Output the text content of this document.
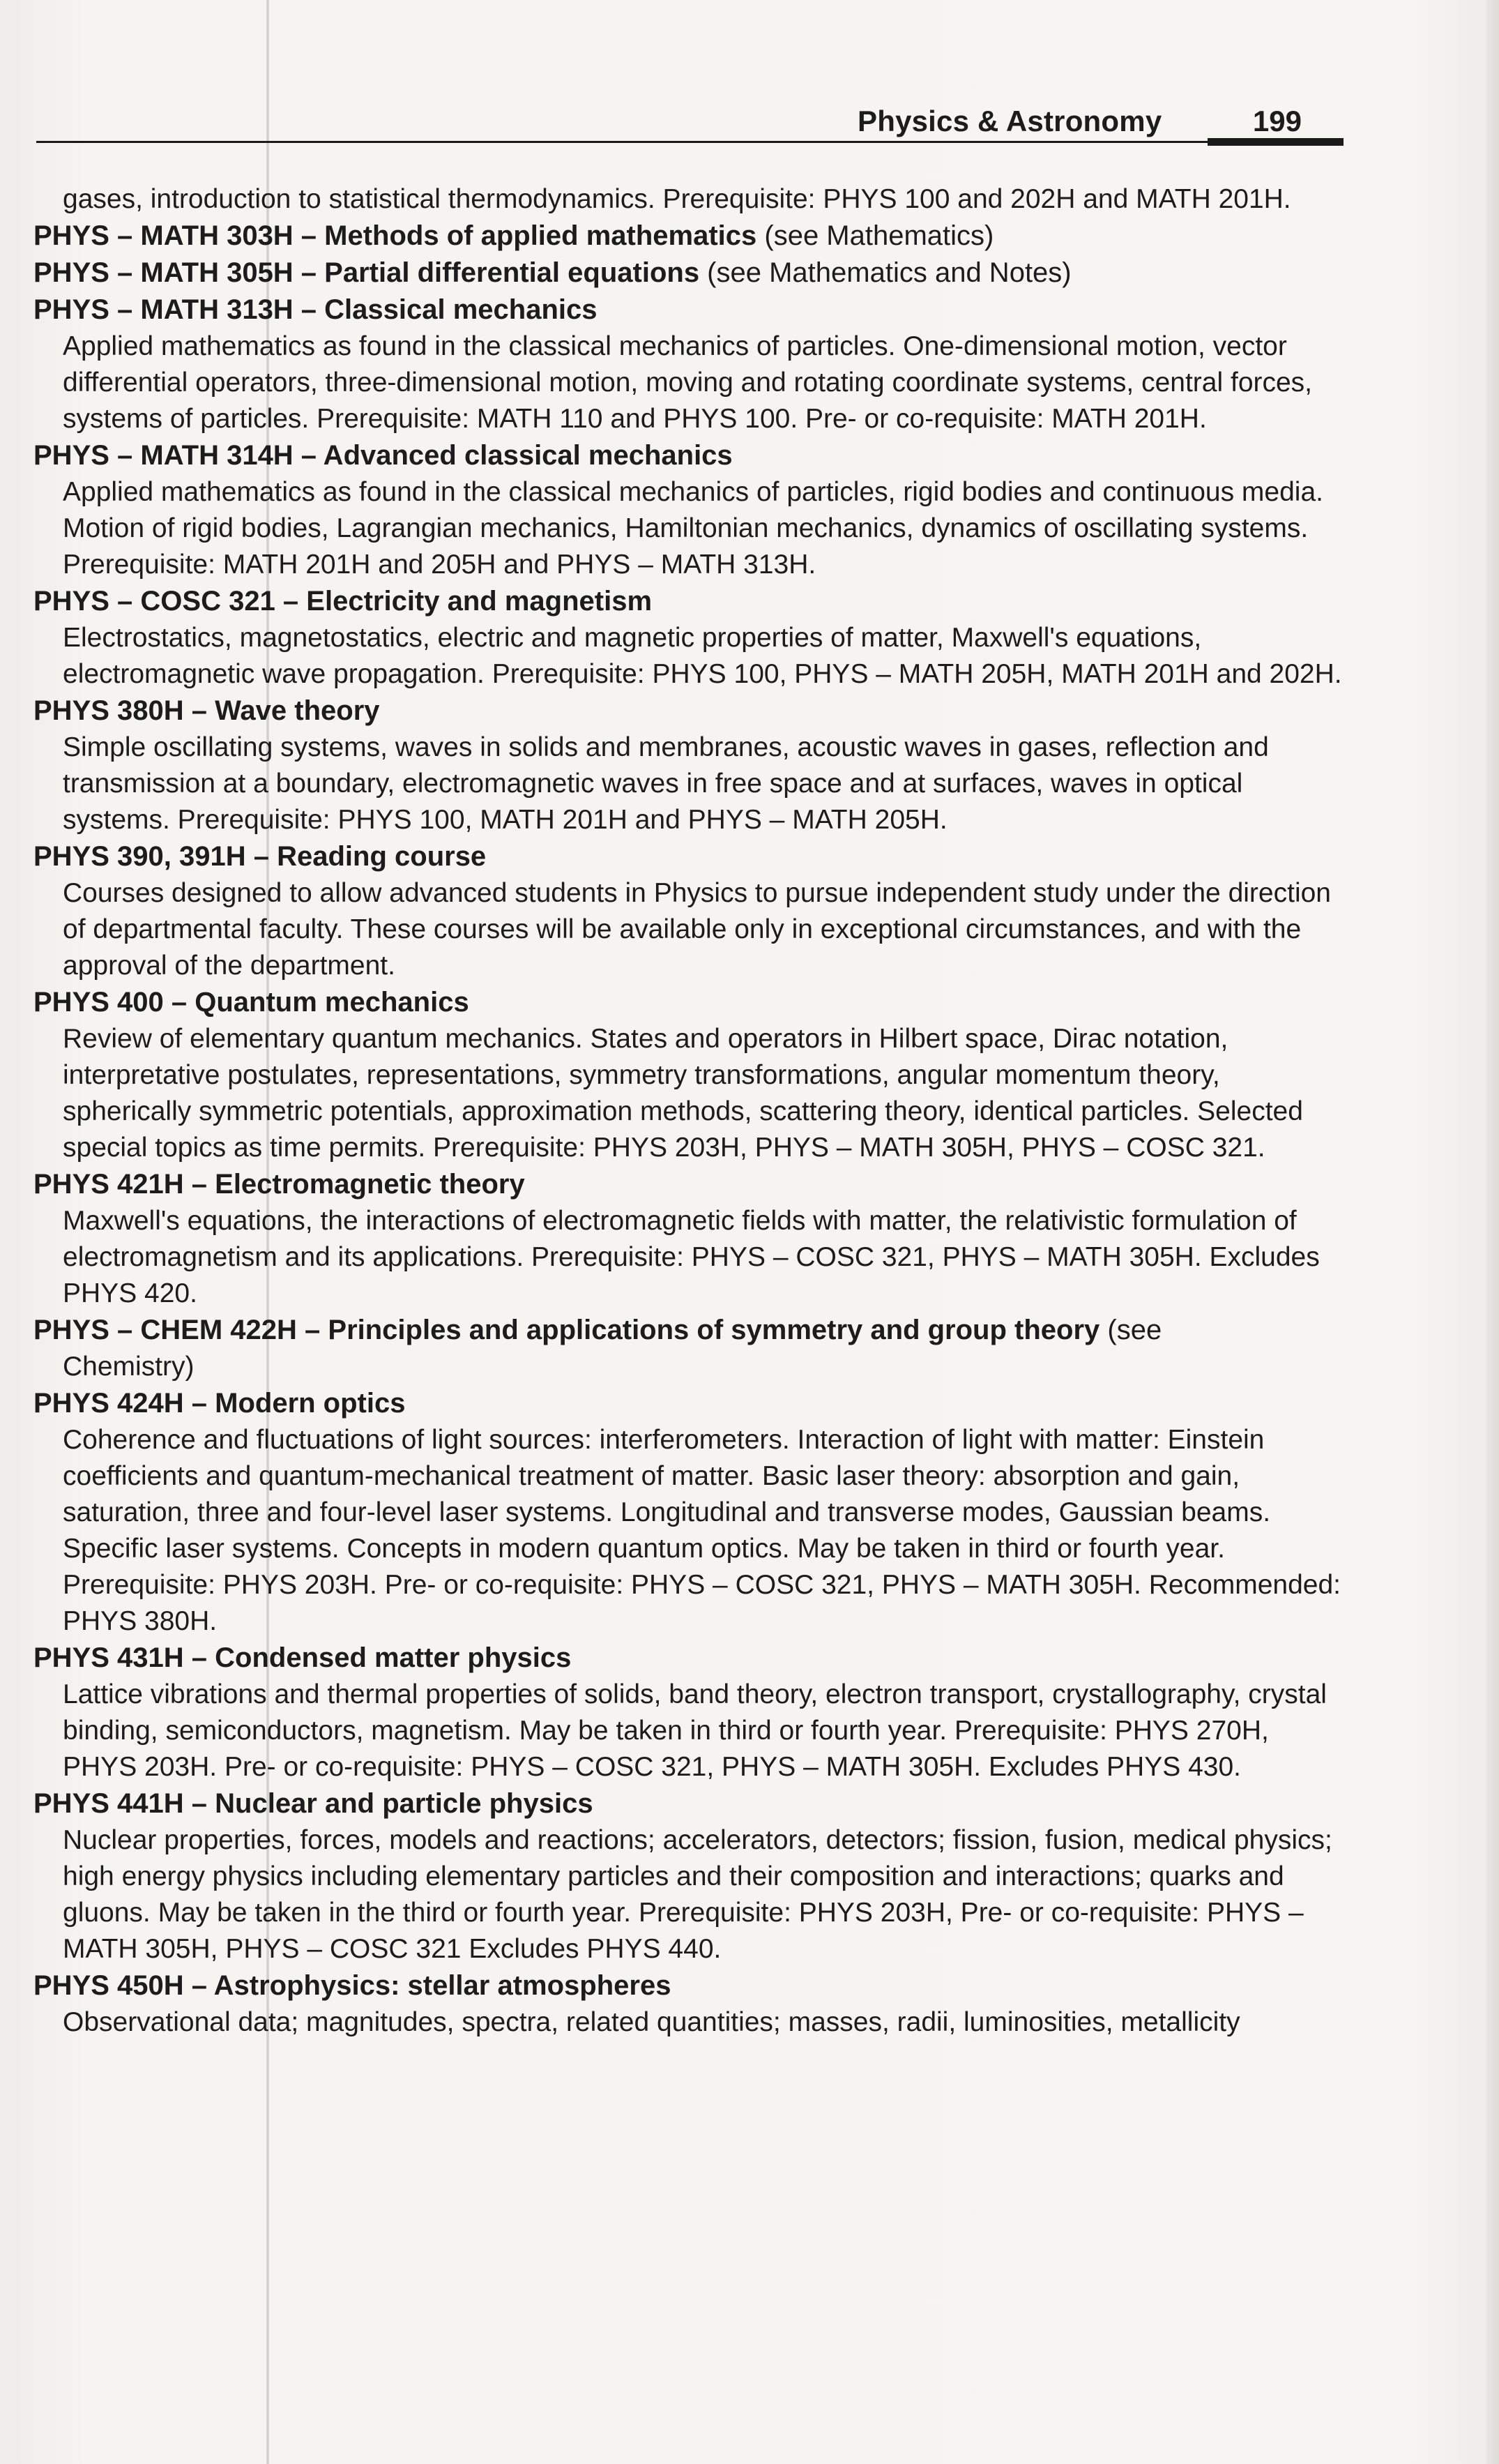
Physics & Astronomy	199

gases, introduction to statistical thermodynamics. Prerequisite: PHYS 100 and 202H and MATH 201H.

PHYS – MATH 303H – Methods of applied mathematics (see Mathematics)

PHYS – MATH 305H – Partial differential equations (see Mathematics and Notes)

PHYS – MATH 313H – Classical mechanics

Applied mathematics as found in the classical mechanics of particles. One-dimensional motion, vector differential operators, three-dimensional motion, moving and rotating coordinate systems, central forces, systems of particles. Prerequisite: MATH 110 and PHYS 100. Pre- or co-requisite: MATH 201H.

PHYS – MATH 314H – Advanced classical mechanics

Applied mathematics as found in the classical mechanics of particles, rigid bodies and continuous media. Motion of rigid bodies, Lagrangian mechanics, Hamiltonian mechanics, dynamics of oscillating systems. Prerequisite: MATH 201H and 205H and PHYS – MATH 313H.

PHYS – COSC 321 – Electricity and magnetism

Electrostatics, magnetostatics, electric and magnetic properties of matter, Maxwell's equations, electromagnetic wave propagation. Prerequisite: PHYS 100, PHYS – MATH 205H, MATH 201H and 202H.

PHYS 380H – Wave theory

Simple oscillating systems, waves in solids and membranes, acoustic waves in gases, reflection and transmission at a boundary, electromagnetic waves in free space and at surfaces, waves in optical systems. Prerequisite: PHYS 100, MATH 201H and PHYS – MATH 205H.

PHYS 390, 391H – Reading course

Courses designed to allow advanced students in Physics to pursue independent study under the direction of departmental faculty. These courses will be available only in exceptional circumstances, and with the approval of the department.

PHYS 400 – Quantum mechanics

Review of elementary quantum mechanics. States and operators in Hilbert space, Dirac notation, interpretative postulates, representations, symmetry transformations, angular momentum theory, spherically symmetric potentials, approximation methods, scattering theory, identical particles. Selected special topics as time permits. Prerequisite: PHYS 203H, PHYS – MATH 305H, PHYS – COSC 321.

PHYS 421H – Electromagnetic theory

Maxwell's equations, the interactions of electromagnetic fields with matter, the relativistic formulation of electromagnetism and its applications. Prerequisite: PHYS – COSC 321, PHYS – MATH 305H. Excludes PHYS 420.

PHYS – CHEM 422H – Principles and applications of symmetry and group theory (see

Chemistry)

PHYS 424H – Modern optics

Coherence and fluctuations of light sources: interferometers. Interaction of light with matter: Einstein coefficients and quantum-mechanical treatment of matter. Basic laser theory: absorption and gain, saturation, three and four-level laser systems. Longitudinal and transverse modes, Gaussian beams. Specific laser systems. Concepts in modern quantum optics. May be taken in third or fourth year. Prerequisite: PHYS 203H. Pre- or co-requisite: PHYS – COSC 321, PHYS – MATH 305H. Recommended: PHYS 380H.

PHYS 431H – Condensed matter physics

Lattice vibrations and thermal properties of solids, band theory, electron transport, crystallography, crystal binding, semiconductors, magnetism. May be taken in third or fourth year. Prerequisite: PHYS 270H, PHYS 203H. Pre- or co-requisite: PHYS – COSC 321, PHYS – MATH 305H. Excludes PHYS 430.

PHYS 441H – Nuclear and particle physics

Nuclear properties, forces, models and reactions; accelerators, detectors; fission, fusion, medical physics; high energy physics including elementary particles and their composition and interactions; quarks and gluons. May be taken in the third or fourth year. Prerequisite: PHYS 203H, Pre- or co-requisite: PHYS – MATH 305H, PHYS – COSC 321 Excludes PHYS 440.

PHYS 450H – Astrophysics: stellar atmospheres

Observational data; magnitudes, spectra, related quantities; masses, radii, luminosities, metallicity
